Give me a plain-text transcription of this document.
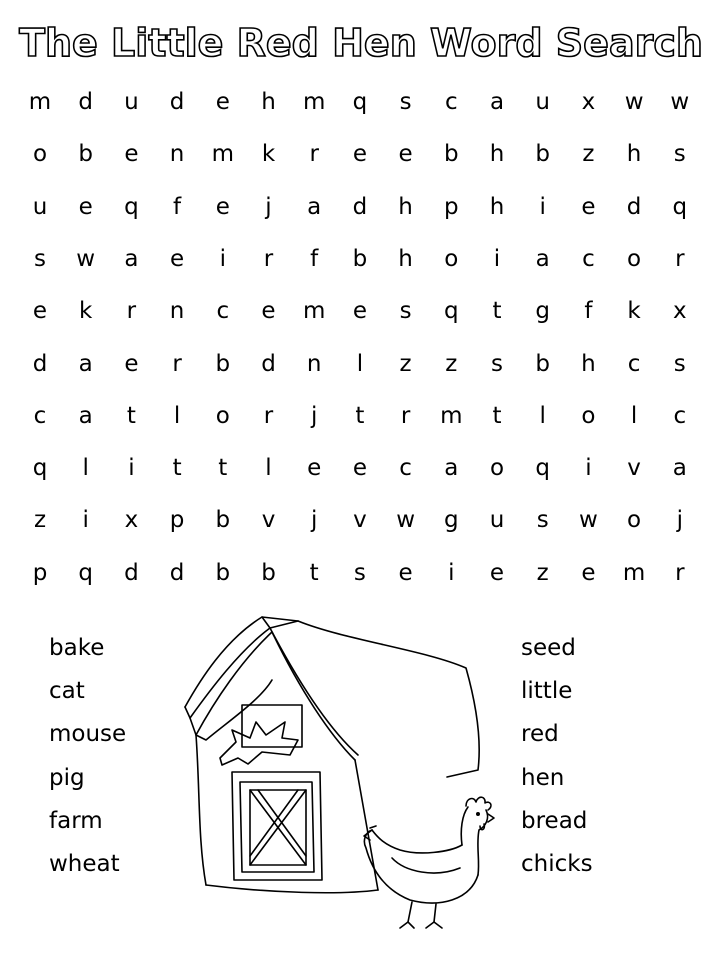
The Little Red Hen Word Search
m	d	u	d	e	h	m	q	s	c	a	u	x	w	w
o	b	e	n	m	k	r	e	e	b	h	b	z	h	s
u	e	q	f	e	j	a	d	h	p	h	i	e	d	q
s	w	a	e	i	r	f	b	h	o	i	a	c	o	r
e	k	r	n	c	e	m	e	s	q	t	g	f	k	x
d	a	e	r	b	d	n	l	z	z	s	b	h	c	s
c	a	t	l	o	r	j	t	r	m	t	l	o	l	c
q	l	i	t	t	l	e	e	c	a	o	q	i	v	a
z	i	x	p	b	v	j	v	w	g	u	s	w	o	j
p	q	d	d	b	b	t	s	e	i	e	z	e	m	r
bake
cat
mouse
pig
farm
wheat
seed
little
red
hen
bread
chicks
